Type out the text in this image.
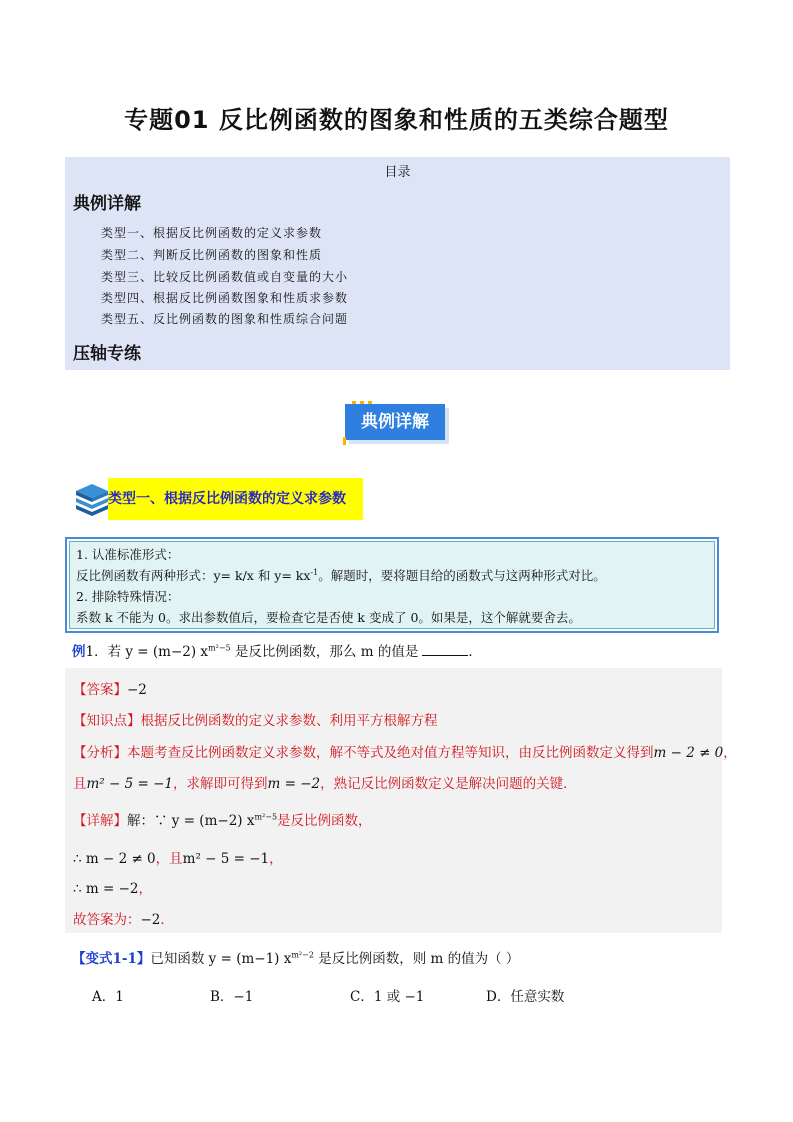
专题01 反比例函数的图象和性质的五类综合题型
目录
典例详解
类型一、根据反比例函数的定义求参数
类型二、判断反比例函数的图象和性质
类型三、比较反比例函数值或自变量的大小
类型四、根据反比例函数图象和性质求参数
类型五、反比例函数的图象和性质综合问题
压轴专练
典例详解
类型一、根据反比例函数的定义求参数
1. 认准标准形式：
反比例函数有两种形式：y= k/x 和 $y= kx^{-1}$。解题时，要将题目给的函数式与这两种形式对比。
2. 排除特殊情况：
系数 k 不能为 0。求出参数值后，要检查它是否使 k 变成了 0。如果是，这个解就要舍去。
例1．若 y = (m−2) $x^{m^2-5}$ 是反比例函数，那么 m 的值是	．
【答案】−2
【知识点】根据反比例函数的定义求参数、利用平方根解方程
【分析】本题考查反比例函数定义求参数，解不等式及绝对值方程等知识，由反比例函数定义得到m − 2 ≠ 0，
且m² − 5 = −1，求解即可得到m = −2，熟记反比例函数定义是解决问题的关键．
【详解】解：∵ y = (m−2) $x^{m^2-5}$是反比例函数，
∴ m − 2 ≠ 0，且m² − 5 = −1，
∴ m = −2，
故答案为：−2．
【变式1-1】已知函数 y = (m−1) $x^{m^2-2}$ 是反比例函数，则 m 的值为（ ）
A．1	B．−1	C．1 或 −1	D．任意实数
